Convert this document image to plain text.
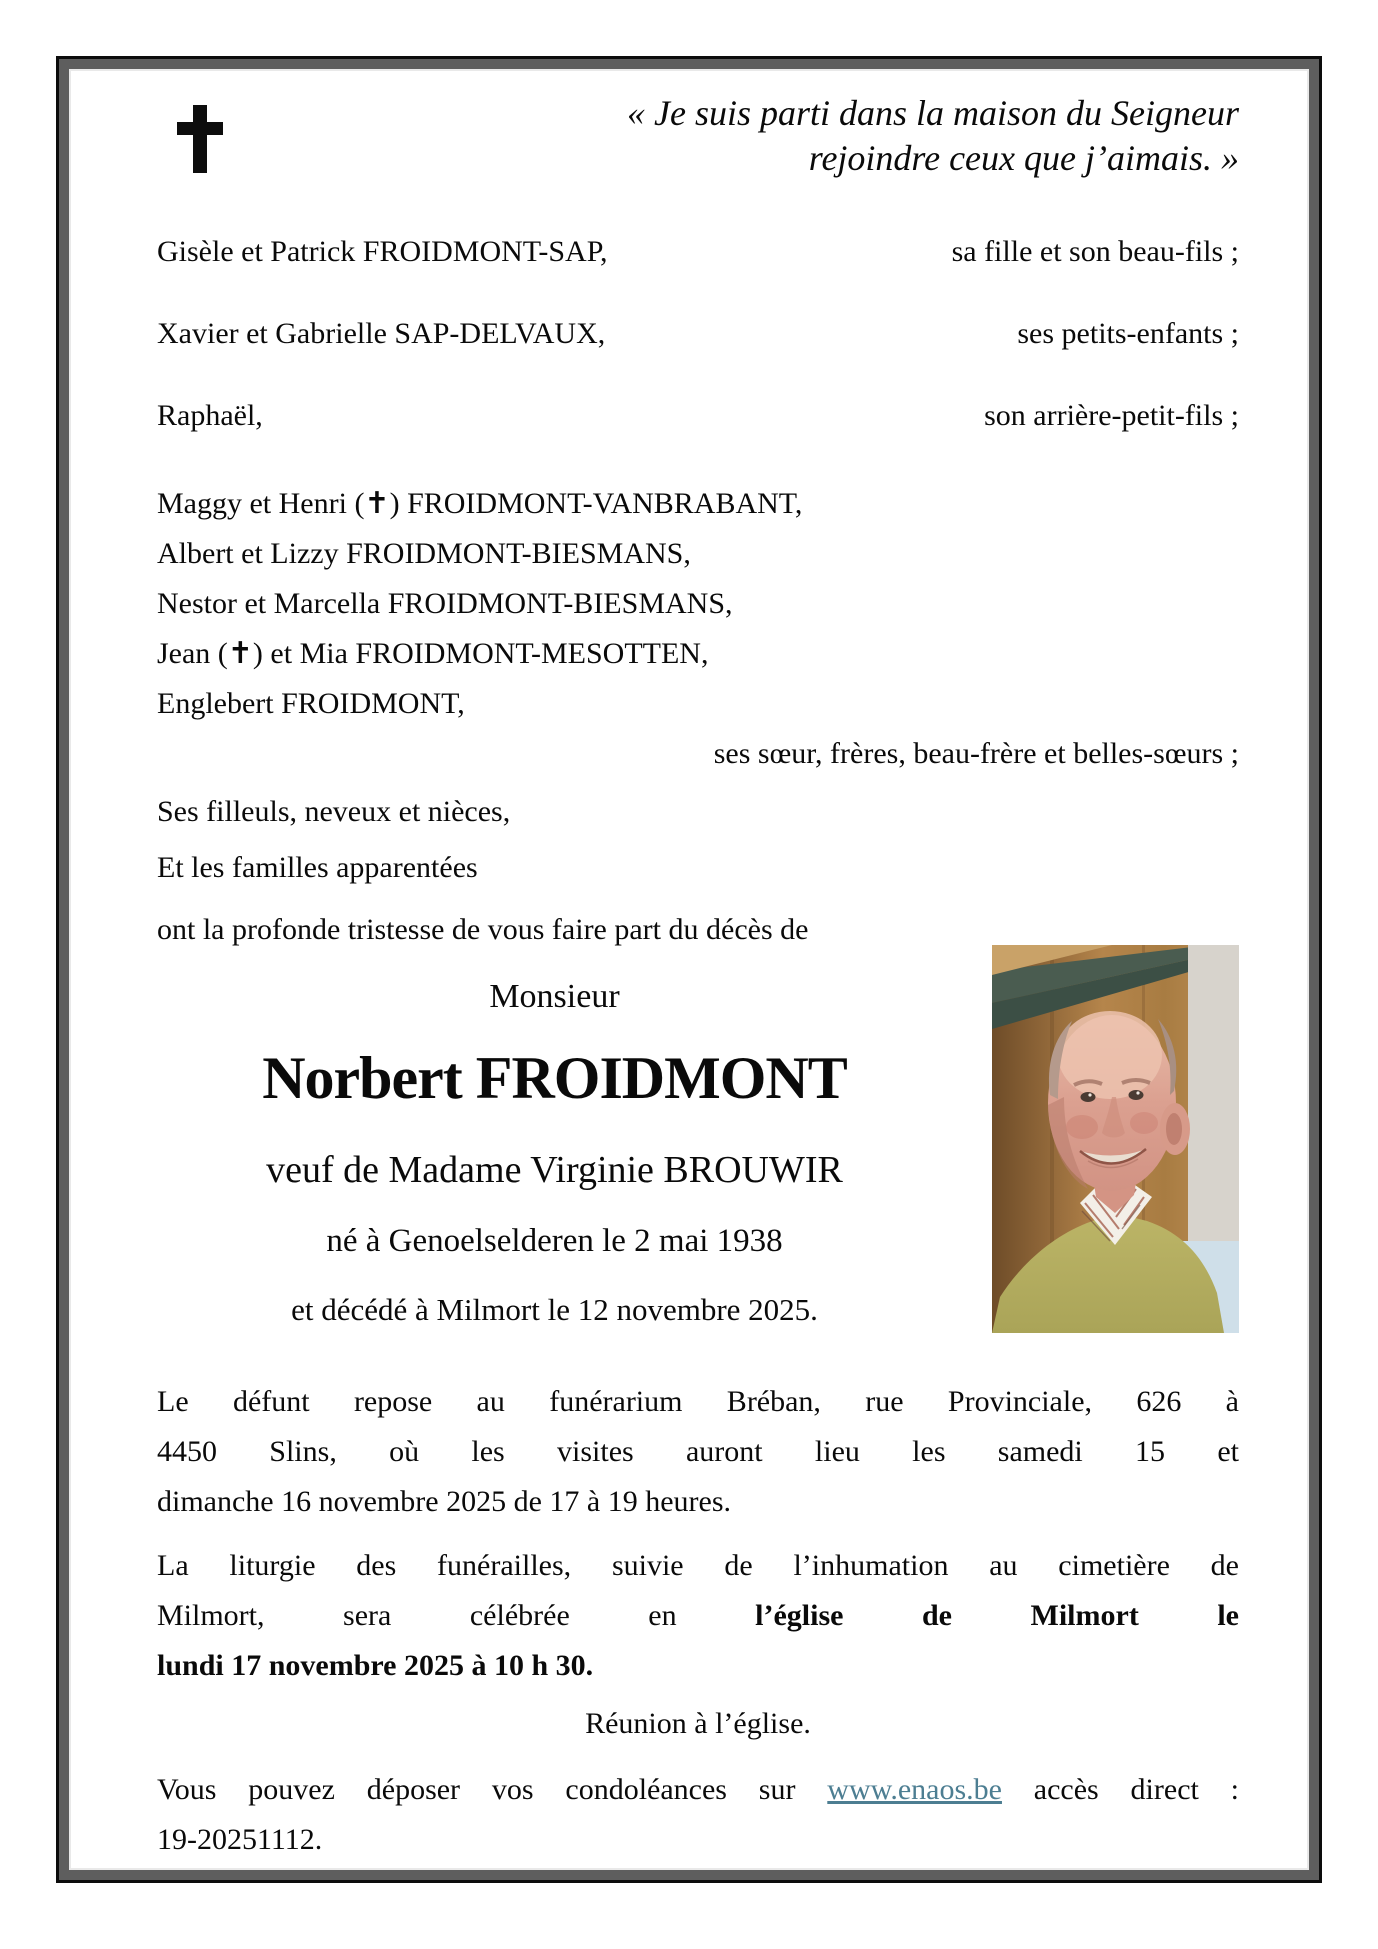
« Je suis parti dans la maison du Seigneur
rejoindre ceux que j’aimais. »
Gisèle et Patrick FROIDMONT-SAP,	sa fille et son beau-fils ;
Xavier et Gabrielle SAP-DELVAUX,	ses petits-enfants ;
Raphaël,	son arrière-petit-fils ;
Maggy et Henri (✝) FROIDMONT-VANBRABANT,
Albert et Lizzy FROIDMONT-BIESMANS,
Nestor et Marcella FROIDMONT-BIESMANS,
Jean (✝) et Mia FROIDMONT-MESOTTEN,
Englebert FROIDMONT,
ses sœur, frères, beau-frère et belles-sœurs ;
Ses filleuls, neveux et nièces,
Et les familles apparentées
ont la profonde tristesse de vous faire part du décès de
Monsieur
Norbert FROIDMONT
veuf de Madame Virginie BROUWIR
né à Genoelselderen le 2 mai 1938
et décédé à Milmort le 12 novembre 2025.
Le défunt repose au funérarium Bréban, rue Provinciale, 626 à
4450 Slins, où les visites auront lieu les samedi 15 et
dimanche 16 novembre 2025 de 17 à 19 heures.
La liturgie des funérailles, suivie de l’inhumation au cimetière de
Milmort, sera célébrée en l’église de Milmort le
lundi 17 novembre 2025 à 10 h 30.
Réunion à l’église.
Vous pouvez déposer vos condoléances sur www.enaos.be accès direct :
19-20251112.
